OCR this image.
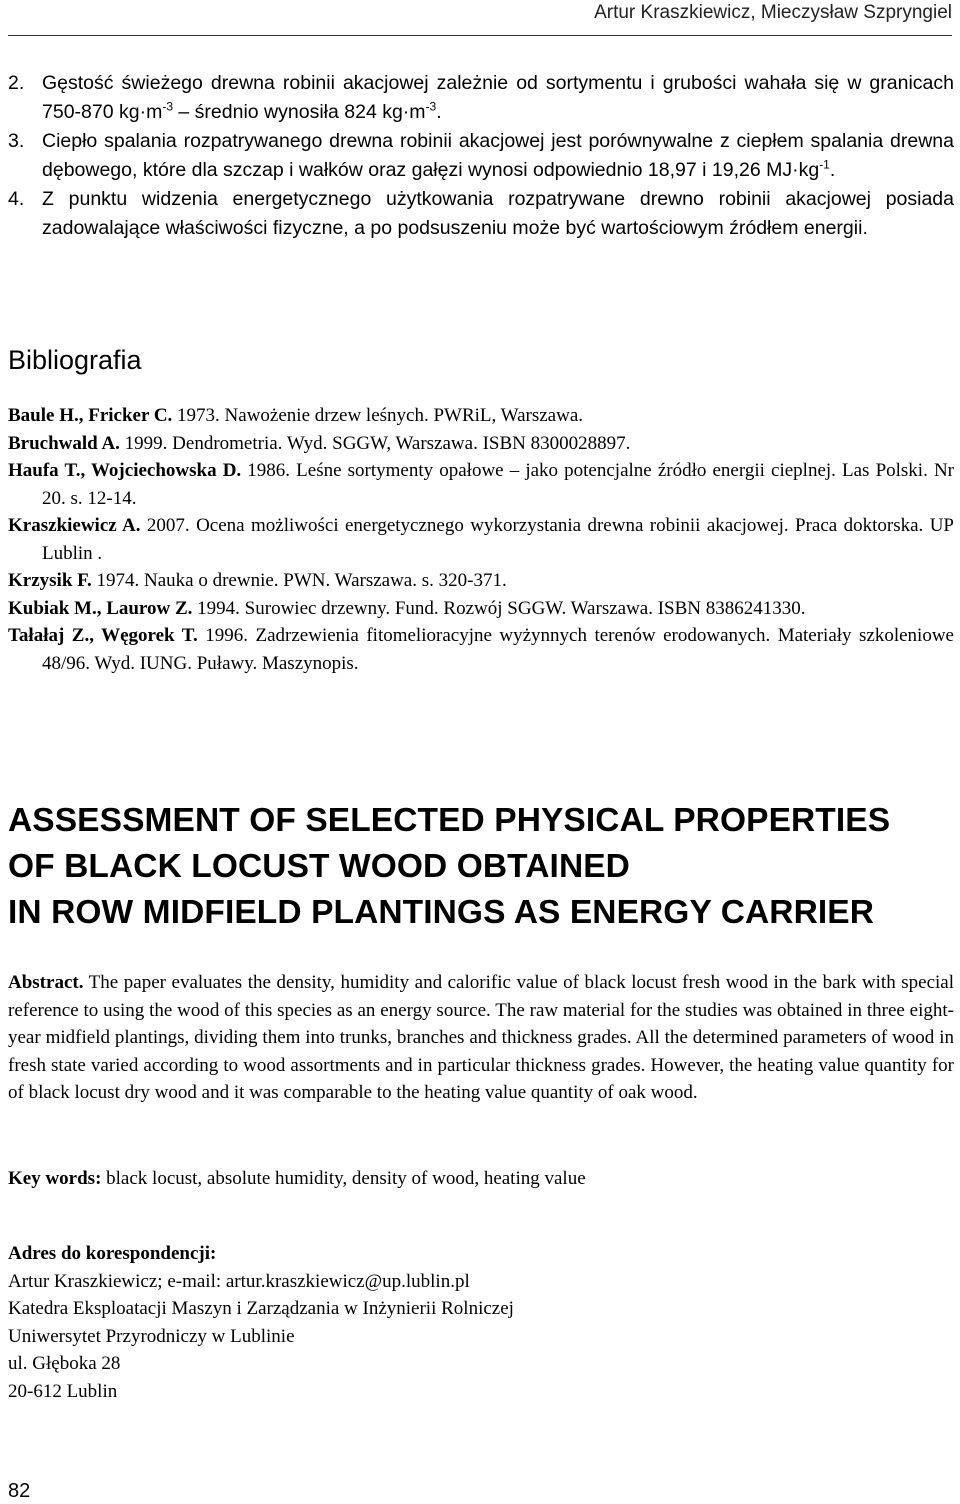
Artur Kraszkiewicz, Mieczysław Szpryngiel
2. Gęstość świeżego drewna robinii akacjowej zależnie od sortymentu i grubości wahała się w granicach 750-870 $kg\cdot m^{-3}$ – średnio wynosiła 824 $kg\cdot m^{-3}$.
3. Ciepło spalania rozpatrywanego drewna robinii akacjowej jest porównywalne z ciepłem spalania drewna dębowego, które dla szczap i wałków oraz gałęzi wynosi odpowiednio 18,97 i 19,26 $MJ\cdot kg^{-1}$.
4. Z punktu widzenia energetycznego użytkowania rozpatrywane drewno robinii akacjowej posiada zadowalające właściwości fizyczne, a po podsuszeniu może być wartościowym źródłem energii.
Bibliografia
Baule H., Fricker C. 1973. Nawożenie drzew leśnych. PWRiL, Warszawa.
Bruchwald A. 1999. Dendrometria. Wyd. SGGW, Warszawa. ISBN 8300028897.
Haufa T., Wojciechowska D. 1986. Leśne sortymenty opałowe – jako potencjalne źródło energii cieplnej. Las Polski. Nr 20. s. 12-14.
Kraszkiewicz A. 2007. Ocena możliwości energetycznego wykorzystania drewna robinii akacjowej. Praca doktorska. UP Lublin .
Krzysik F. 1974. Nauka o drewnie. PWN. Warszawa. s. 320-371.
Kubiak M., Laurow Z. 1994. Surowiec drzewny. Fund. Rozwój SGGW. Warszawa. ISBN 8386241330.
Tałałaj Z., Węgorek T. 1996. Zadrzewienia fitomelioracyjne wyżynnych terenów erodowanych. Materiały szkoleniowe 48/96. Wyd. IUNG. Puławy. Maszynopis.
ASSESSMENT OF SELECTED PHYSICAL PROPERTIES
OF BLACK LOCUST WOOD OBTAINED
IN ROW MIDFIELD PLANTINGS AS ENERGY CARRIER
Abstract. The paper evaluates the density, humidity and calorific value of black locust fresh wood in the bark with special reference to using the wood of this species as an energy source. The raw material for the studies was obtained in three eight-year midfield plantings, dividing them into trunks, branches and thickness grades. All the determined parameters of wood in fresh state varied according to wood assortments and in particular thickness grades. However, the heating value quantity for of black locust dry wood and it was comparable to the heating value quantity of oak wood.
Key words: black locust, absolute humidity, density of wood, heating value
Adres do korespondencji:
Artur Kraszkiewicz; e-mail: artur.kraszkiewicz@up.lublin.pl
Katedra Eksploatacji Maszyn i Zarządzania w Inżynierii Rolniczej
Uniwersytet Przyrodniczy w Lublinie
ul. Głęboka 28
20-612 Lublin
82
